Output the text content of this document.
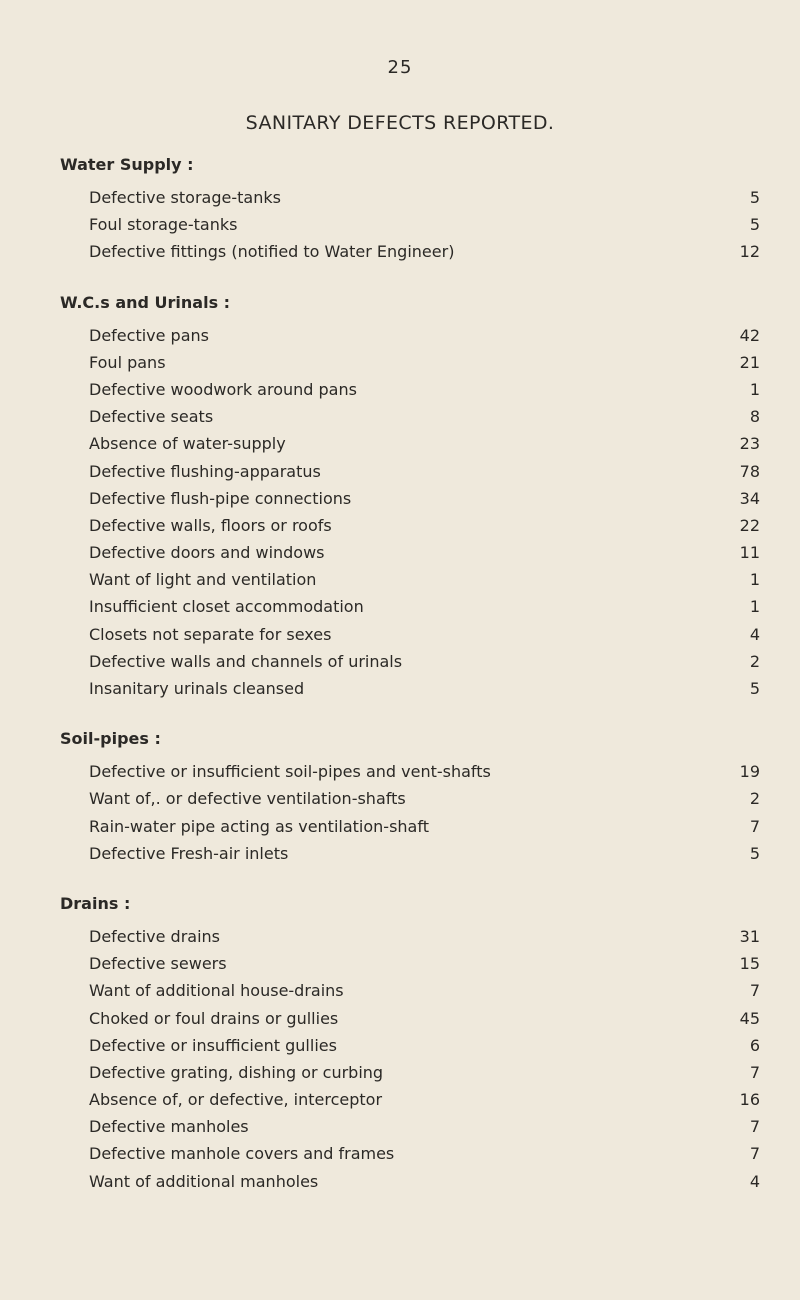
25
SANITARY DEFECTS REPORTED.
Water Supply :
Defective storage-tanks	5
Foul storage-tanks	5
Defective fittings (notified to Water Engineer)	12
W.C.s and Urinals :
Defective pans	42
Foul pans	21
Defective woodwork around pans	1
Defective seats	8
Absence of water-supply	23
Defective flushing-apparatus	78
Defective flush-pipe connections	34
Defective walls, floors or roofs	22
Defective doors and windows	11
Want of light and ventilation	1
Insufficient closet accommodation	1
Closets not separate for sexes	4
Defective walls and channels of urinals	2
Insanitary urinals cleansed	5
Soil-pipes :
Defective or insufficient soil-pipes and vent-shafts	19
Want of,. or defective ventilation-shafts	2
Rain-water pipe acting as ventilation-shaft	7
Defective Fresh-air inlets	5
Drains :
Defective drains	31
Defective sewers	15
Want of additional house-drains	7
Choked or foul drains or gullies	45
Defective or insufficient gullies	6
Defective grating, dishing or curbing	7
Absence of, or defective, interceptor	16
Defective manholes	7
Defective manhole covers and frames	7
Want of additional manholes	4
